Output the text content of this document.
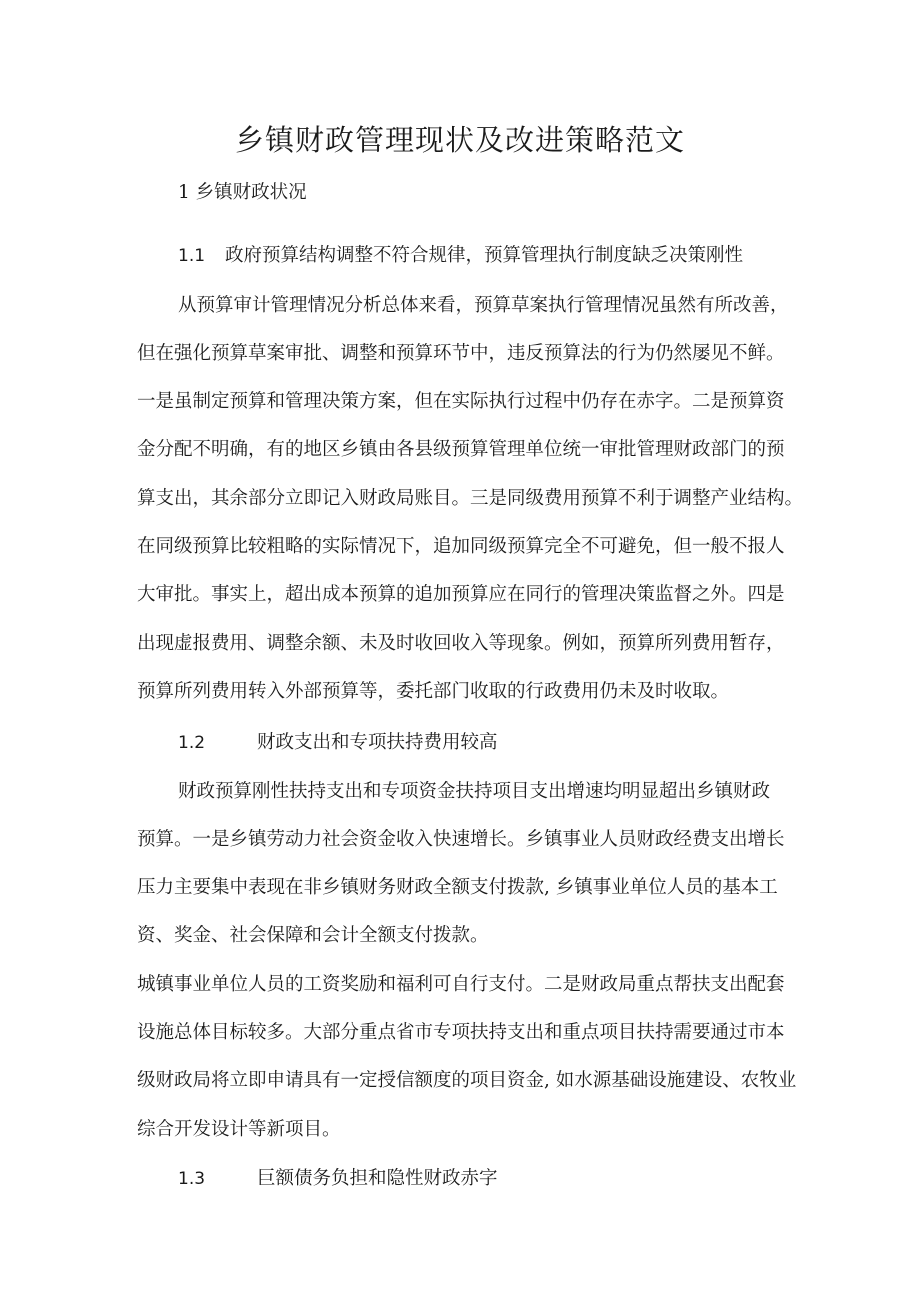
乡镇财政管理现状及改进策略范文
1 乡镇财政状况
1.1 政府预算结构调整不符合规律，预算管理执行制度缺乏决策刚性
从预算审计管理情况分析总体来看，预算草案执行管理情况虽然有所改善，
但在强化预算草案审批、调整和预算环节中，违反预算法的行为仍然屡见不鲜。
一是虽制定预算和管理决策方案，但在实际执行过程中仍存在赤字。二是预算资
金分配不明确，有的地区乡镇由各县级预算管理单位统一审批管理财政部门的预
算支出，其余部分立即记入财政局账目。三是同级费用预算不利于调整产业结构。
在同级预算比较粗略的实际情况下，追加同级预算完全不可避免，但一般不报人
大审批。事实上，超出成本预算的追加预算应在同行的管理决策监督之外。四是
出现虚报费用、调整余额、未及时收回收入等现象。例如，预算所列费用暂存，
预算所列费用转入外部预算等，委托部门收取的行政费用仍未及时收取。
1.2	财政支出和专项扶持费用较高
财政预算刚性扶持支出和专项资金扶持项目支出增速均明显超出乡镇财政
预算。一是乡镇劳动力社会资金收入快速增长。乡镇事业人员财政经费支出增长
压力主要集中表现在非乡镇财务财政全额支付拨款, 乡镇事业单位人员的基本工
资、奖金、社会保障和会计全额支付拨款。
城镇事业单位人员的工资奖励和福利可自行支付。二是财政局重点帮扶支出配套
设施总体目标较多。大部分重点省市专项扶持支出和重点项目扶持需要通过市本
级财政局将立即申请具有一定授信额度的项目资金, 如水源基础设施建设、农牧业
综合开发设计等新项目。
1.3	巨额债务负担和隐性财政赤字
